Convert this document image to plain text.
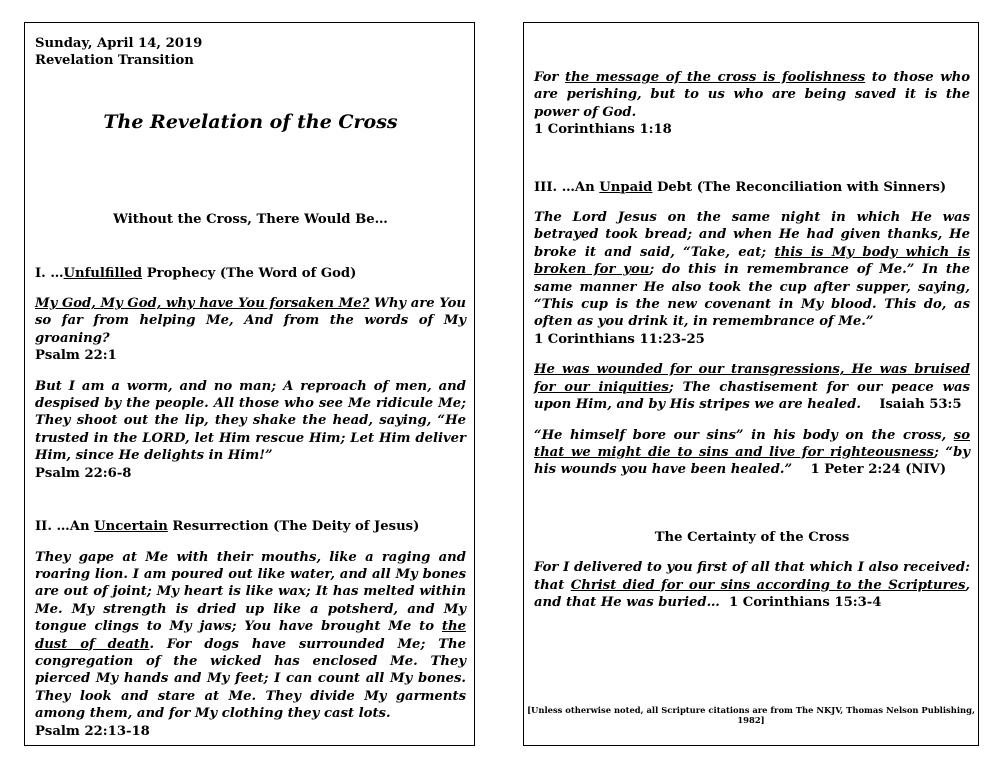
Sunday, April 14, 2019

Revelation Transition

The Revelation of the Cross

Without the Cross, There Would Be…

I. …Unfulfilled Prophecy (The Word of God)

My God, My God, why have You forsaken Me? Why are You so far from helping Me, And from the words of My groaning?

Psalm 22:1

But I am a worm, and no man; A reproach of men, and despised by the people. All those who see Me ridicule Me; They shoot out the lip, they shake the head, saying, “He trusted in the LORD, let Him rescue Him; Let Him deliver Him, since He delights in Him!”

Psalm 22:6-8

II. …An Uncertain Resurrection (The Deity of Jesus)

They gape at Me with their mouths, like a raging and roaring lion. I am poured out like water, and all My bones are out of joint; My heart is like wax; It has melted within Me. My strength is dried up like a potsherd, and My tongue clings to My jaws; You have brought Me to the dust of death. For dogs have surrounded Me; The congregation of the wicked has enclosed Me. They pierced My hands and My feet; I can count all My bones. They look and stare at Me. They divide My garments among them, and for My clothing they cast lots.

Psalm 22:13-18

For the message of the cross is foolishness to those who are perishing, but to us who are being saved it is the power of God.

1 Corinthians 1:18

III. …An Unpaid Debt (The Reconciliation with Sinners)

The Lord Jesus on the same night in which He was betrayed took bread; and when He had given thanks, He broke it and said, “Take, eat; this is My body which is broken for you; do this in remembrance of Me.” In the same manner He also took the cup after supper, saying, “This cup is the new covenant in My blood. This do, as often as you drink it, in remembrance of Me.”

1 Corinthians 11:23-25

He was wounded for our transgressions, He was bruised for our iniquities; The chastisement for our peace was upon Him, and by His stripes we are healed. Isaiah 53:5

“He himself bore our sins” in his body on the cross, so that we might die to sins and live for righteousness; “by his wounds you have been healed.” 1 Peter 2:24 (NIV)

The Certainty of the Cross

For I delivered to you first of all that which I also received: that Christ died for our sins according to the Scriptures, and that He was buried… 1 Corinthians 15:3-4

[Unless otherwise noted, all Scripture citations are from The NKJV, Thomas Nelson Publishing, 1982]
